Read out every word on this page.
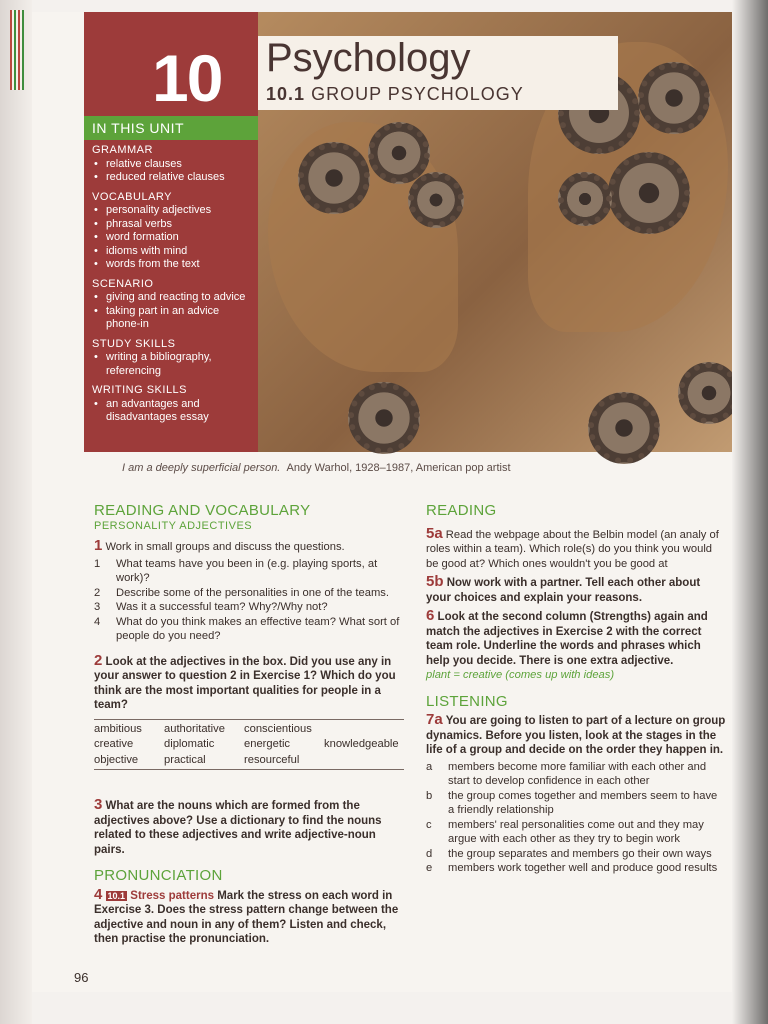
10
IN THIS UNIT
GRAMMAR
• relative clauses
• reduced relative clauses
VOCABULARY
• personality adjectives
• phrasal verbs
• word formation
• idioms with mind
• words from the text
SCENARIO
• giving and reacting to advice
• taking part in an advice phone-in
STUDY SKILLS
• writing a bibliography, referencing
WRITING SKILLS
• an advantages and disadvantages essay
Psychology
10.1 GROUP PSYCHOLOGY
I am a deeply superficial person. Andy Warhol, 1928–1987, American pop artist
READING AND VOCABULARY
PERSONALITY ADJECTIVES
1 Work in small groups and discuss the questions.
1	What teams have you been in (e.g. playing sports, at work)?
2	Describe some of the personalities in one of the teams.
3	Was it a successful team? Why?/Why not?
4	What do you think makes an effective team? What sort of people do you need?
2 Look at the adjectives in the box. Did you use any in your answer to question 2 in Exercise 1? Which do you think are the most important qualities for people in a team?
ambitious	authoritative	conscientious
creative	diplomatic	energetic	knowledgeable
objective	practical	resourceful
3 What are the nouns which are formed from the adjectives above? Use a dictionary to find the nouns related to these adjectives and write adjective-noun pairs.
PRONUNCIATION
4 10.1 Stress patterns Mark the stress on each word in Exercise 3. Does the stress pattern change between the adjective and noun in any of them? Listen and check, then practise the pronunciation.
READING
5a Read the webpage about the Belbin model (an analy of roles within a team). Which role(s) do you think you would be good at? Which ones wouldn't you be good at
5b Now work with a partner. Tell each other about your choices and explain your reasons.
6 Look at the second column (Strengths) again and match the adjectives in Exercise 2 with the correct team role. Underline the words and phrases which help you decide. There is one extra adjective.
plant = creative (comes up with ideas)
LISTENING
7a You are going to listen to part of a lecture on group dynamics. Before you listen, look at the stages in the life of a group and decide on the order they happen in.
a	members become more familiar with each other and start to develop confidence in each other
b	the group comes together and members seem to have a friendly relationship
c	members' real personalities come out and they may argue with each other as they try to begin work
d	the group separates and members go their own ways
e	members work together well and produce good results
96
